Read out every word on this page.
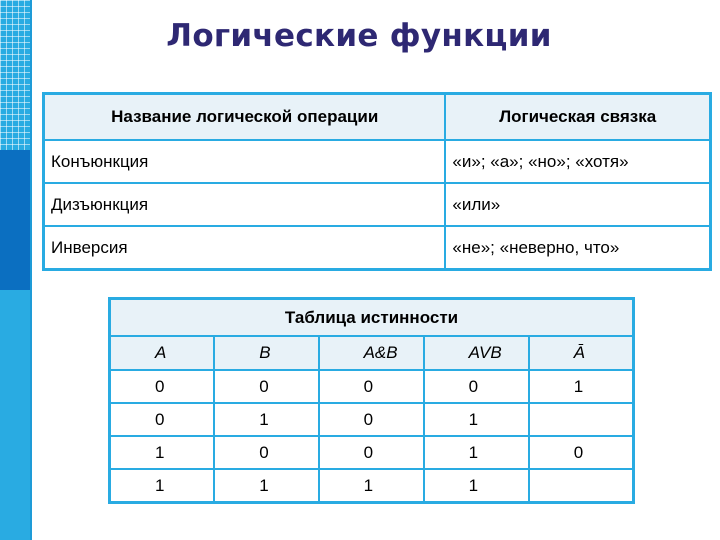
Логические функции
Название логической операции	Логическая связка
Конъюнкция	«и»; «а»; «но»; «хотя»
Дизъюнкция	«или»
Инверсия	«не»; «неверно, что»
Таблица истинности				
A	B	A&B	AVB	Ā
0	0	0	0	1
0	1	0	1	
1	0	0	1	0
1	1	1	1	
